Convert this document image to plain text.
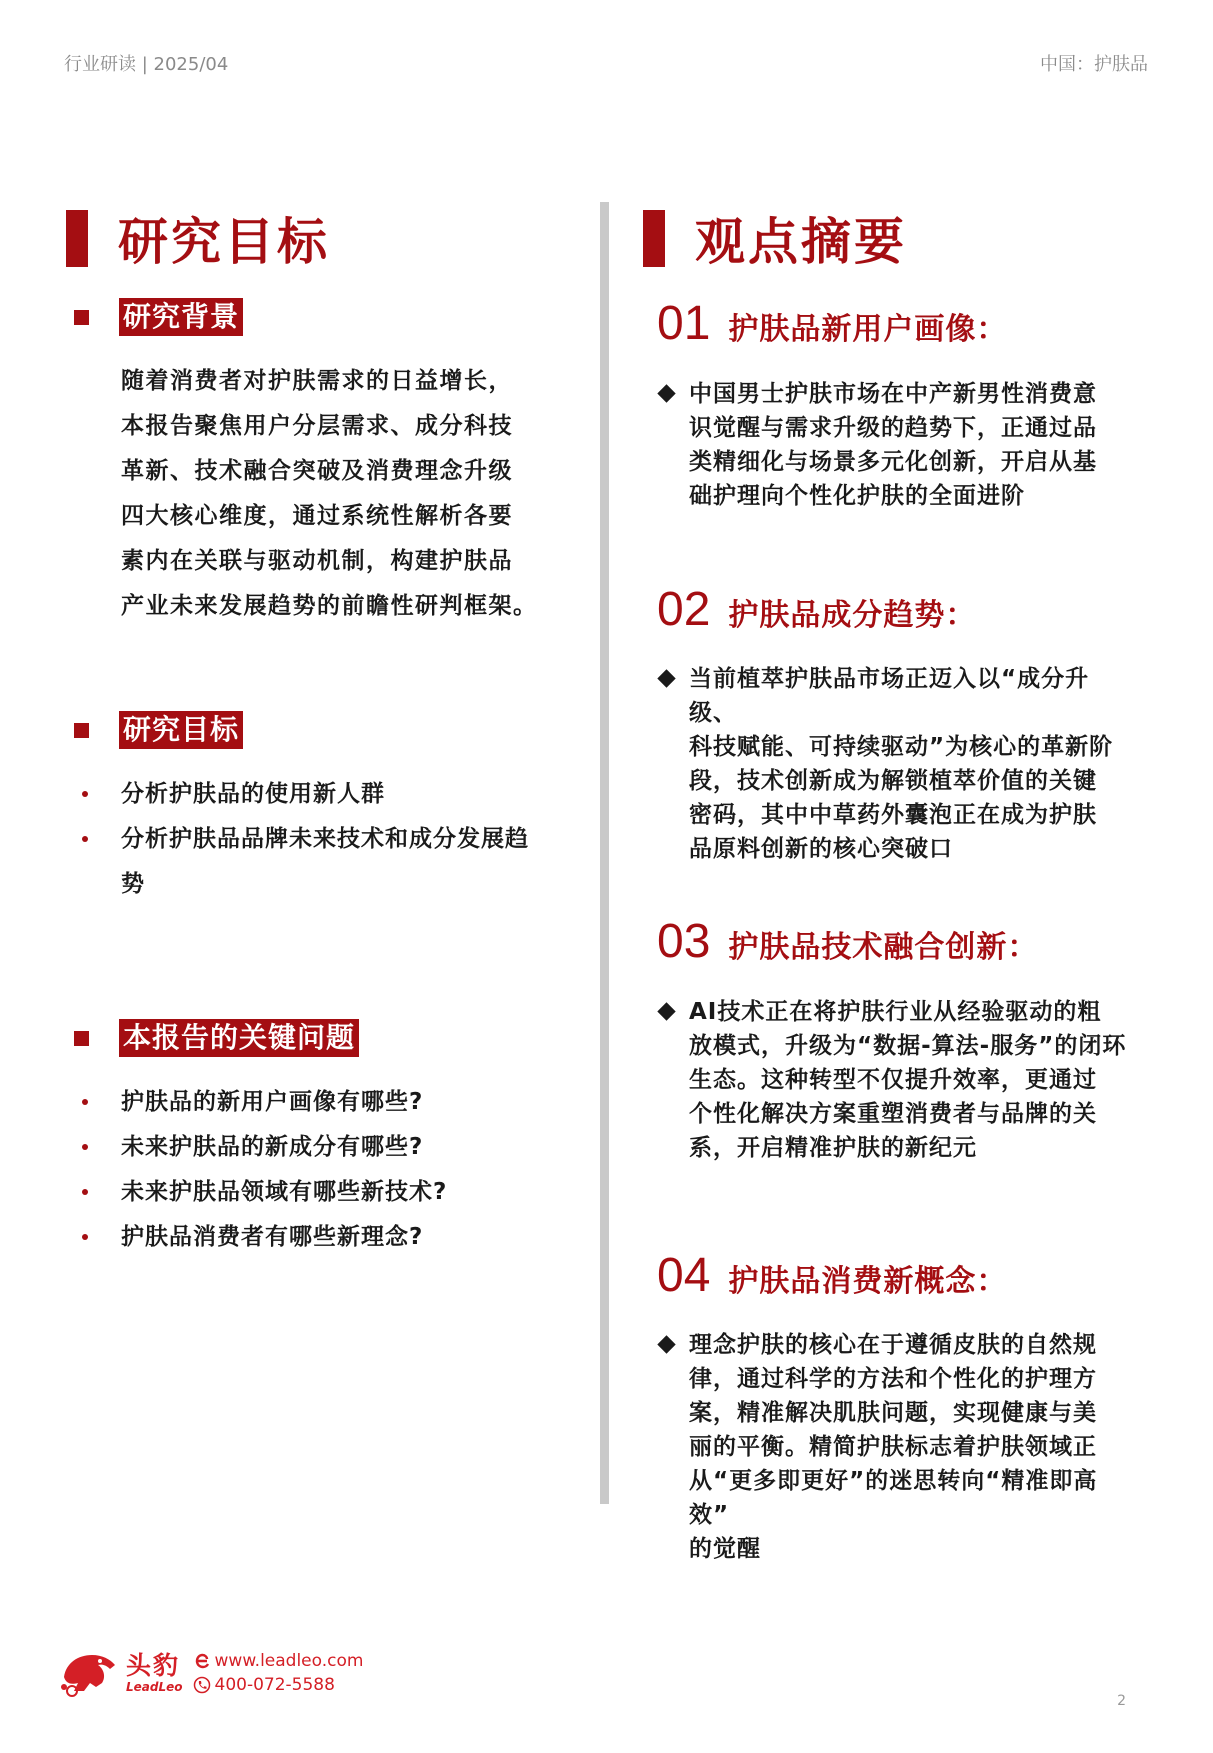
行业研读 | 2025/04	中国：护肤品
研究目标	观点摘要
研究背景
随着消费者对护肤需求的日益增长，
本报告聚焦用户分层需求、成分科技
革新、技术融合突破及消费理念升级
四大核心维度，通过系统性解析各要
素内在关联与驱动机制，构建护肤品
产业未来发展趋势的前瞻性研判框架。
研究目标
分析护肤品的使用新人群
分析护肤品品牌未来技术和成分发展趋势
本报告的关键问题
护肤品的新用户画像有哪些?
未来护肤品的新成分有哪些?
未来护肤品领域有哪些新技术?
护肤品消费者有哪些新理念?
01 护肤品新用户画像：
中国男士护肤市场在中产新男性消费意
识觉醒与需求升级的趋势下，正通过品
类精细化与场景多元化创新，开启从基
础护理向个性化护肤的全面进阶
02 护肤品成分趋势：
当前植萃护肤品市场正迈入以“成分升级、
科技赋能、可持续驱动”为核心的革新阶
段，技术创新成为解锁植萃价值的关键
密码，其中中草药外囊泡正在成为护肤
品原料创新的核心突破口
03 护肤品技术融合创新：
AI技术正在将护肤行业从经验驱动的粗
放模式，升级为“数据-算法-服务”的闭环
生态。这种转型不仅提升效率，更通过
个性化解决方案重塑消费者与品牌的关
系，开启精准护肤的新纪元
04 护肤品消费新概念：
理念护肤的核心在于遵循皮肤的自然规
律，通过科学的方法和个性化的护理方
案，精准解决肌肤问题，实现健康与美
丽的平衡。精简护肤标志着护肤领域正
从“更多即更好”的迷思转向“精准即高效”
的觉醒
头豹
LeadLeo
www.leadleo.com
400-072-5588
2
